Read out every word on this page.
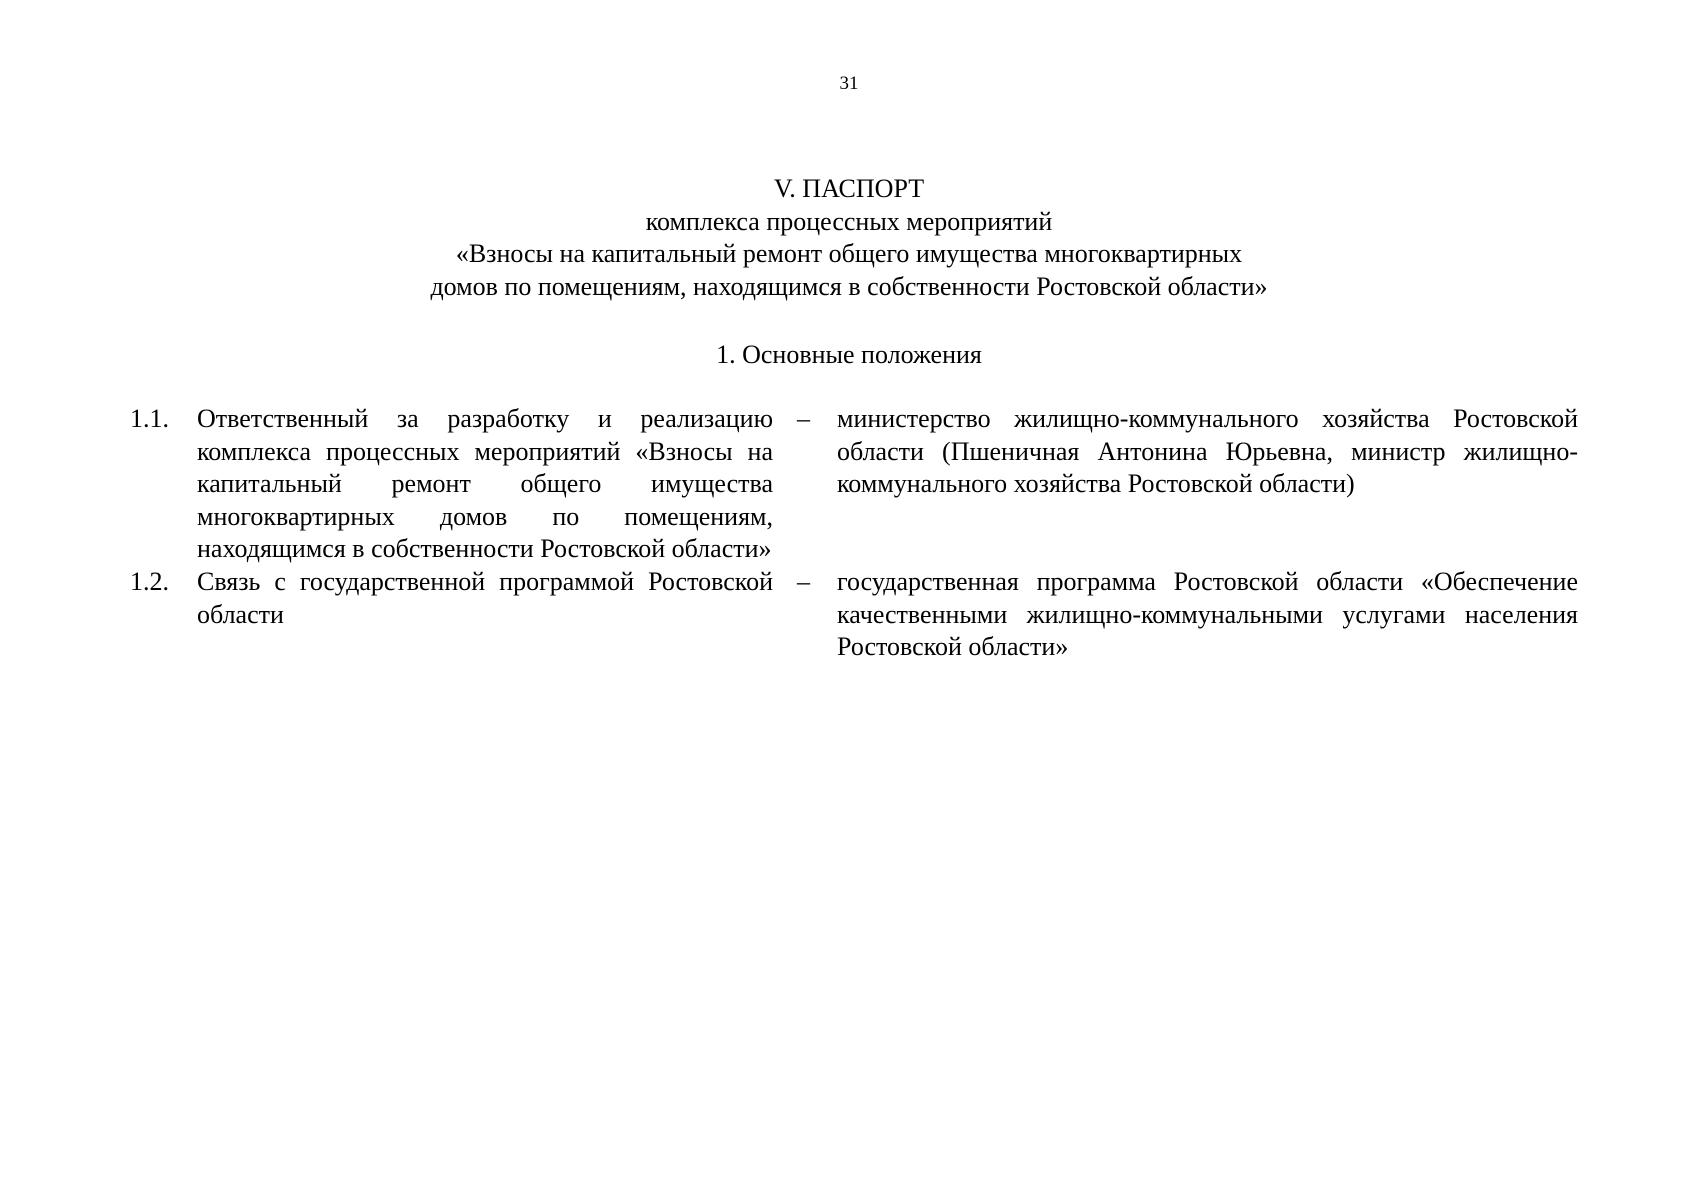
31
V. ПАСПОРТ
комплекса процессных мероприятий
«Взносы на капитальный ремонт общего имущества многоквартирных
домов по помещениям, находящимся в собственности Ростовской области»
1. Основные положения
1.1. Ответственный за разработку и реализацию комплекса процессных мероприятий «Взносы на капитальный ремонт общего имущества многоквартирных домов по помещениям, находящимся в собственности Ростовской области»
– министерство жилищно-коммунального хозяйства Ростовской области (Пшеничная Антонина Юрьевна, министр жилищно-коммунального хозяйства Ростовской области)
1.2. Связь с государственной программой Ростовской области
– государственная программа Ростовской области «Обеспечение качественными жилищно-коммунальными услугами населения Ростовской области»
